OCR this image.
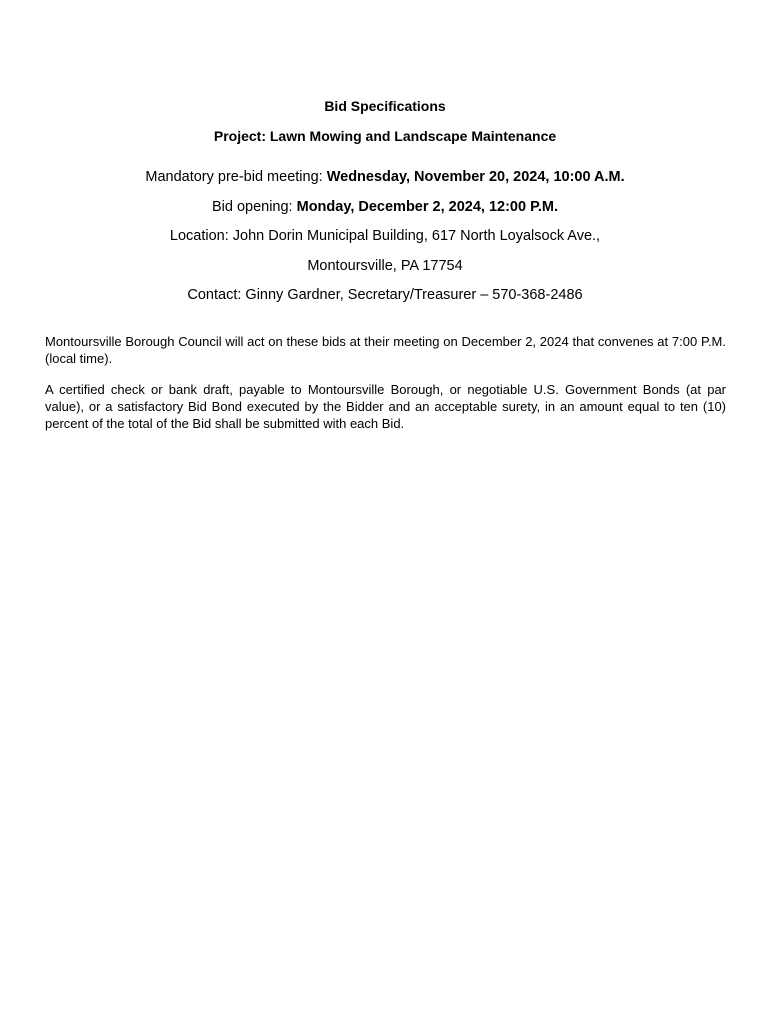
Bid Specifications
Project: Lawn Mowing and Landscape Maintenance
Mandatory pre-bid meeting: Wednesday, November 20, 2024, 10:00 A.M.
Bid opening: Monday, December 2, 2024, 12:00 P.M.
Location: John Dorin Municipal Building, 617 North Loyalsock Ave.,
Montoursville, PA 17754
Contact: Ginny Gardner, Secretary/Treasurer – 570-368-2486

Montoursville Borough Council will act on these bids at their meeting on December 2, 2024 that convenes at 7:00 P.M. (local time).

A certified check or bank draft, payable to Montoursville Borough, or negotiable U.S. Government Bonds (at par value), or a satisfactory Bid Bond executed by the Bidder and an acceptable surety, in an amount equal to ten (10) percent of the total of the Bid shall be submitted with each Bid.
